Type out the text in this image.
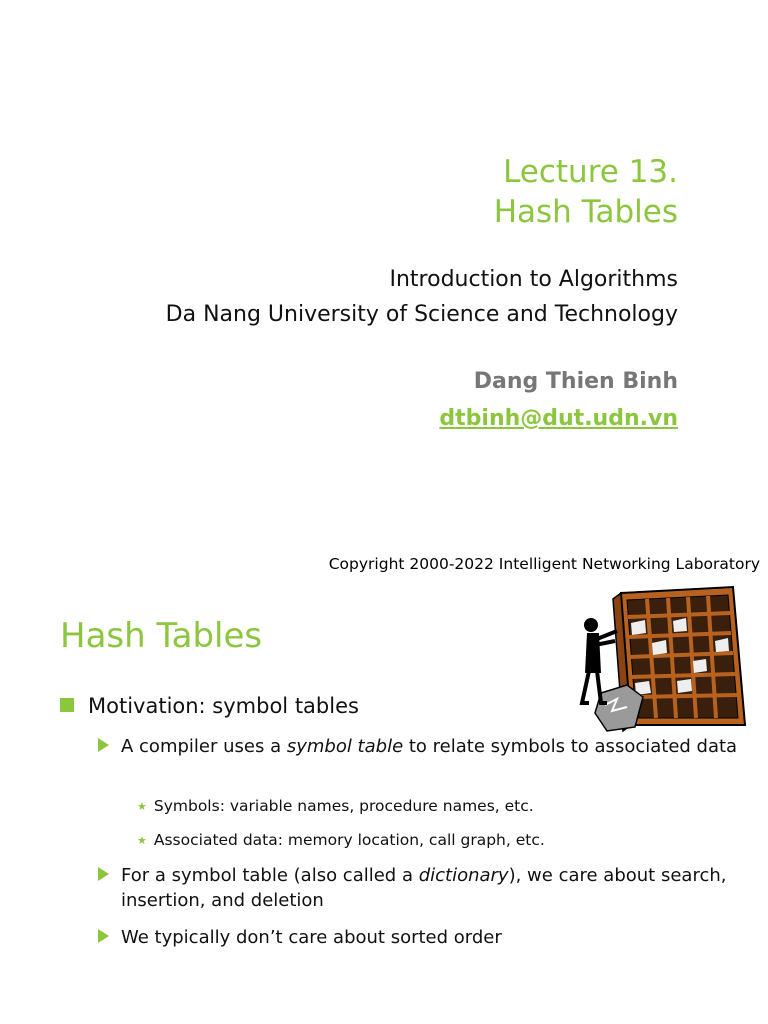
Lecture 13.
Hash Tables
Introduction to Algorithms
Da Nang University of Science and Technology
Dang Thien Binh
dtbinh@dut.udn.vn
Copyright 2000-2022 Intelligent Networking Laboratory
Hash Tables
Motivation: symbol tables
A compiler uses a symbol table to relate symbols to associated data
★ Symbols: variable names, procedure names, etc.
★ Associated data: memory location, call graph, etc.
For a symbol table (also called a dictionary), we care about search, insertion, and deletion
We typically don’t care about sorted order
